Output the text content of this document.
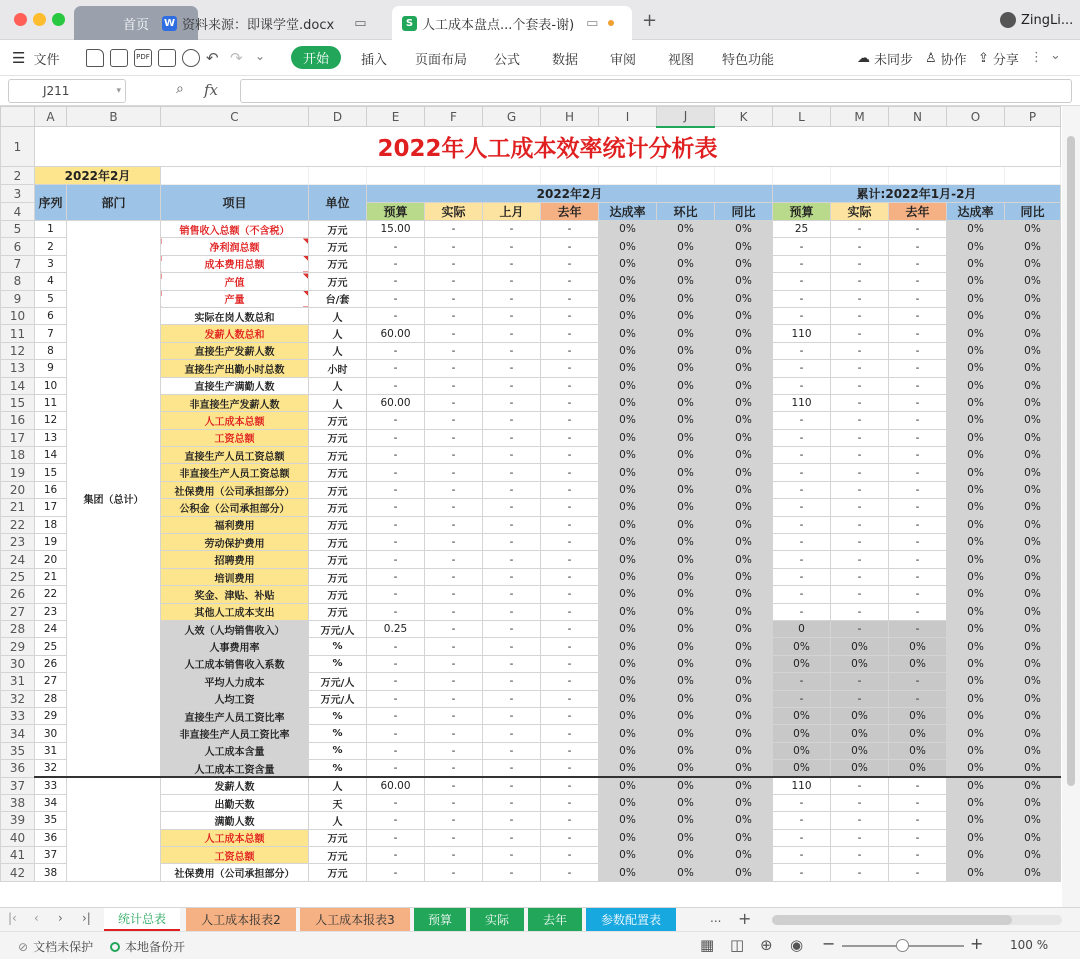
首页 W 资料来源：即课学堂.docx ▭	S 人工成本盘点...个套表-谢) ▭ +	ZingLi...
☰ 文件	PDF	↶ ↷ ⌄	开始 插入 页面布局 公式 数据 审阅 视图 特色功能	☁ 未同步 ♙ 协作 ⇪ 分享 ⋮ ⌄
J211	▾	⌕ fx
	A	B	C	D	E	F	G	H	I	J	K	L	M	N	O	P
1	2022年人工成本效率统计分析表															
2	2022年2月															
3	序列	部门	项目	单位	2022年2月							累计:2022年1月-2月				
4					预算	实际	上月	去年	达成率	环比	同比	预算	实际	去年	达成率	同比
5	1	集团（总计）	销售收入总额（不含税）	万元	15.00	-	-	-	0%	0%	0%	25	-	-	0%	0%
6	2		净利润总额	万元	-	-	-	-	0%	0%	0%	-	-	-	0%	0%
7	3		成本费用总额	万元	-	-	-	-	0%	0%	0%	-	-	-	0%	0%
8	4		产值	万元	-	-	-	-	0%	0%	0%	-	-	-	0%	0%
9	5		产量	台/套	-	-	-	-	0%	0%	0%	-	-	-	0%	0%
10	6		实际在岗人数总和	人	-	-	-	-	0%	0%	0%	-	-	-	0%	0%
11	7		发薪人数总和	人	60.00	-	-	-	0%	0%	0%	110	-	-	0%	0%
12	8		直接生产发薪人数	人	-	-	-	-	0%	0%	0%	-	-	-	0%	0%
13	9		直接生产出勤小时总数	小时	-	-	-	-	0%	0%	0%	-	-	-	0%	0%
14	10		直接生产满勤人数	人	-	-	-	-	0%	0%	0%	-	-	-	0%	0%
15	11		非直接生产发薪人数	人	60.00	-	-	-	0%	0%	0%	110	-	-	0%	0%
16	12		人工成本总额	万元	-	-	-	-	0%	0%	0%	-	-	-	0%	0%
17	13		工资总额	万元	-	-	-	-	0%	0%	0%	-	-	-	0%	0%
18	14		直接生产人员工资总额	万元	-	-	-	-	0%	0%	0%	-	-	-	0%	0%
19	15		非直接生产人员工资总额	万元	-	-	-	-	0%	0%	0%	-	-	-	0%	0%
20	16		社保费用（公司承担部分）	万元	-	-	-	-	0%	0%	0%	-	-	-	0%	0%
21	17		公积金（公司承担部分）	万元	-	-	-	-	0%	0%	0%	-	-	-	0%	0%
22	18		福利费用	万元	-	-	-	-	0%	0%	0%	-	-	-	0%	0%
23	19		劳动保护费用	万元	-	-	-	-	0%	0%	0%	-	-	-	0%	0%
24	20		招聘费用	万元	-	-	-	-	0%	0%	0%	-	-	-	0%	0%
25	21		培训费用	万元	-	-	-	-	0%	0%	0%	-	-	-	0%	0%
26	22		奖金、津贴、补贴	万元	-	-	-	-	0%	0%	0%	-	-	-	0%	0%
27	23		其他人工成本支出	万元	-	-	-	-	0%	0%	0%	-	-	-	0%	0%
28	24		人效（人均销售收入）	万元/人	0.25	-	-	-	0%	0%	0%	0	-	-	0%	0%
29	25		人事费用率	%	-	-	-	-	0%	0%	0%	0%	0%	0%	0%	0%
30	26		人工成本销售收入系数	%	-	-	-	-	0%	0%	0%	0%	0%	0%	0%	0%
31	27		平均人力成本	万元/人	-	-	-	-	0%	0%	0%	-	-	-	0%	0%
32	28		人均工资	万元/人	-	-	-	-	0%	0%	0%	-	-	-	0%	0%
33	29		直接生产人员工资比率	%	-	-	-	-	0%	0%	0%	0%	0%	0%	0%	0%
34	30		非直接生产人员工资比率	%	-	-	-	-	0%	0%	0%	0%	0%	0%	0%	0%
35	31		人工成本含量	%	-	-	-	-	0%	0%	0%	0%	0%	0%	0%	0%
36	32		人工成本工资含量	%	-	-	-	-	0%	0%	0%	0%	0%	0%	0%	0%
37	33		发薪人数	人	60.00	-	-	-	0%	0%	0%	110	-	-	0%	0%
38	34		出勤天数	天	-	-	-	-	0%	0%	0%	-	-	-	0%	0%
39	35		满勤人数	人	-	-	-	-	0%	0%	0%	-	-	-	0%	0%
40	36		人工成本总额	万元	-	-	-	-	0%	0%	0%	-	-	-	0%	0%
41	37		工资总额	万元	-	-	-	-	0%	0%	0%	-	-	-	0%	0%
42	38		社保费用（公司承担部分）	万元	-	-	-	-	0%	0%	0%	-	-	-	0%	0%
|‹ ‹ › ›| 统计总表	人工成本报表2	人工成本报表3	预算	实际	去年	参数配置表	... +
⊘ 文档未保护	本地备份开	▦ ◫ ⊕ ◉ −	+ 100 %
